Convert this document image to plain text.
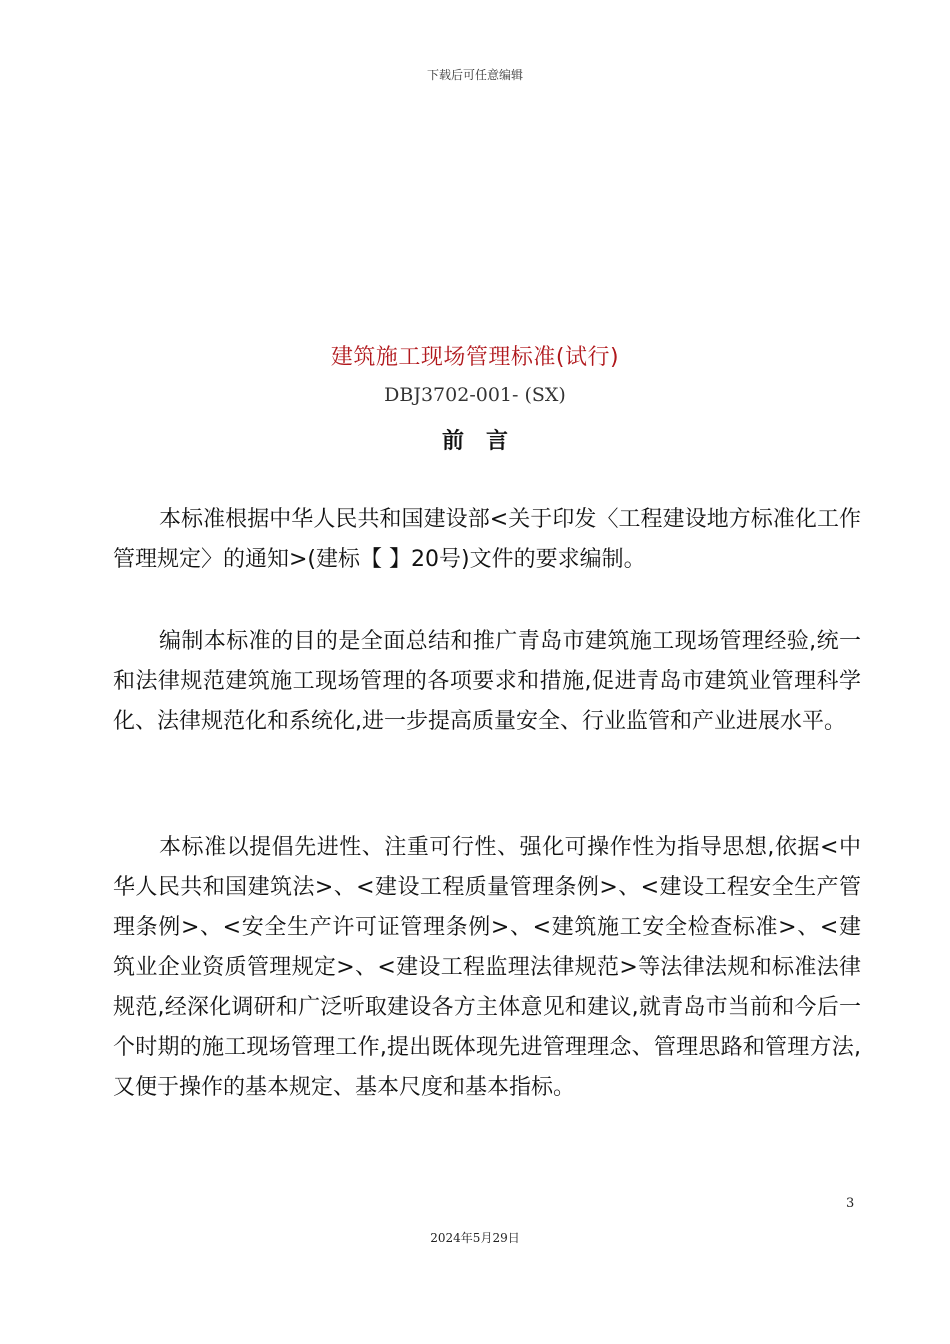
下载后可任意编辑
建筑施工现场管理标准(试行)
DBJ3702-001- (SX)
前言

本标准根据中华人民共和国建设部<关于印发〈工程建设地方标准化工作管理规定〉的通知>(建标【 】20号)文件的要求编制。

编制本标准的目的是全面总结和推广青岛市建筑施工现场管理经验,统一和法律规范建筑施工现场管理的各项要求和措施,促进青岛市建筑业管理科学化、法律规范化和系统化,进一步提高质量安全、行业监管和产业进展水平。

本标准以提倡先进性、注重可行性、强化可操作性为指导思想,依据<中华人民共和国建筑法>、<建设工程质量管理条例>、<建设工程安全生产管理条例>、<安全生产许可证管理条例>、<建筑施工安全检查标准>、<建筑业企业资质管理规定>、<建设工程监理法律规范>等法律法规和标准法律规范,经深化调研和广泛听取建设各方主体意见和建议,就青岛市当前和今后一个时期的施工现场管理工作,提出既体现先进管理理念、管理思路和管理方法,又便于操作的基本规定、基本尺度和基本指标。

3
2024年5月29日
